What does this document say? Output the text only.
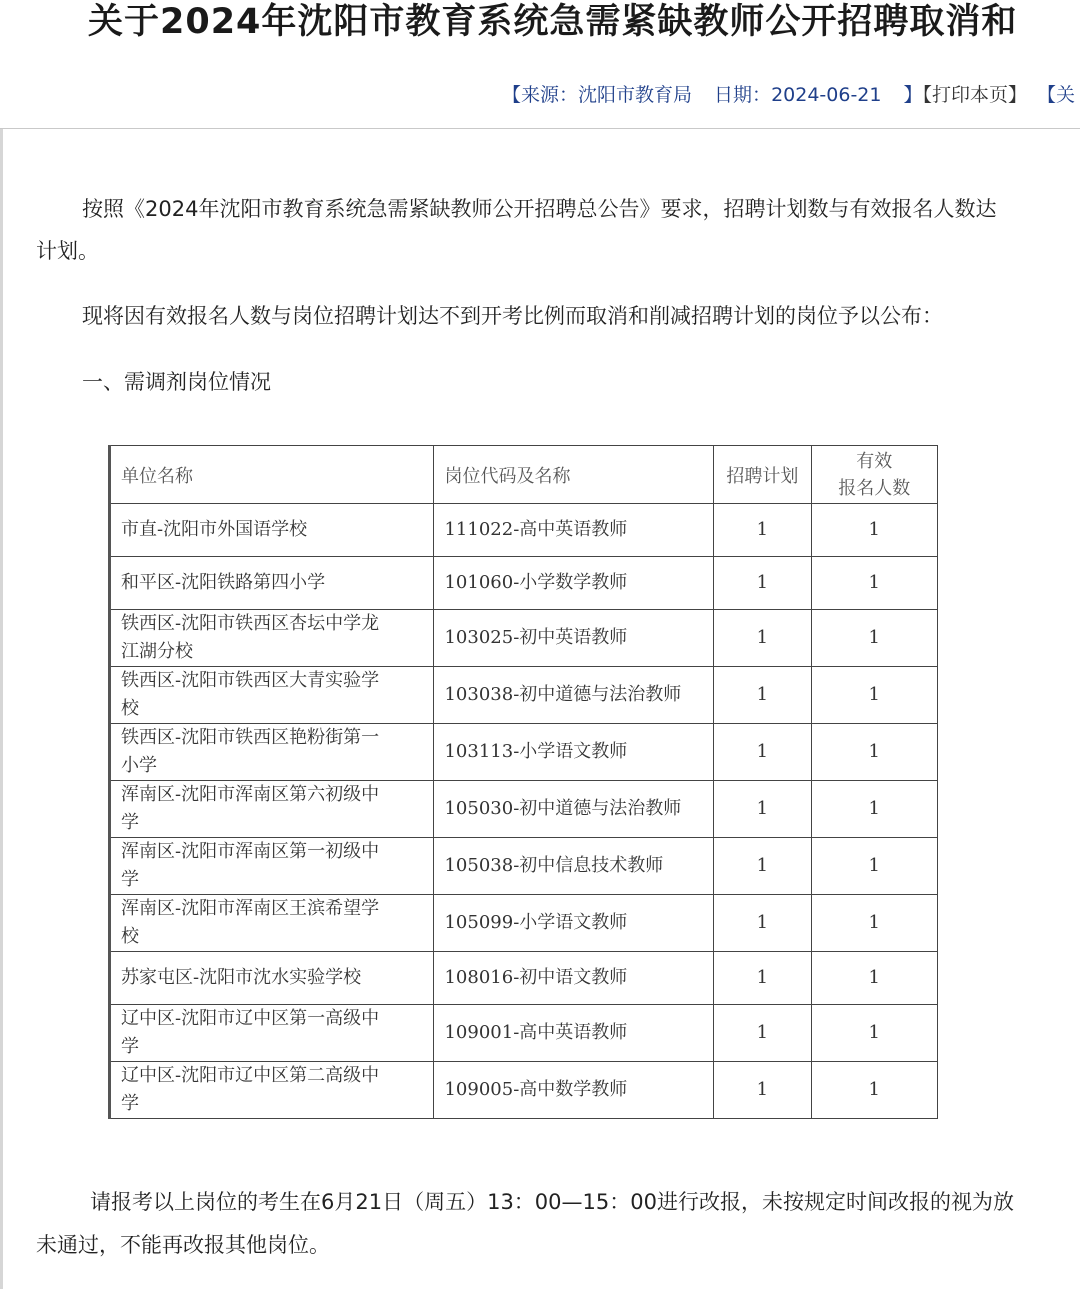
关于2024年沈阳市教育系统急需紧缺教师公开招聘取消和
【来源：沈阳市教育局 日期：2024-06-21 】【打印本页】 【关
按照《2024年沈阳市教育系统急需紧缺教师公开招聘总公告》要求，招聘计划数与有效报名人数达
计划。
现将因有效报名人数与岗位招聘计划达不到开考比例而取消和削减招聘计划的岗位予以公布：
一、需调剂岗位情况
单位名称	岗位代码及名称	招聘计划	有效
报名人数

市直-沈阳市外国语学校	111022-高中英语教师	1	1

和平区-沈阳铁路第四小学	101060-小学数学教师	1	1

铁西区-沈阳市铁西区杏坛中学龙
江湖分校	103025-初中英语教师	1	1

铁西区-沈阳市铁西区大青实验学
校	103038-初中道德与法治教师	1	1

铁西区-沈阳市铁西区艳粉街第一
小学	103113-小学语文教师	1	1

浑南区-沈阳市浑南区第六初级中
学	105030-初中道德与法治教师	1	1

浑南区-沈阳市浑南区第一初级中
学	105038-初中信息技术教师	1	1

浑南区-沈阳市浑南区王滨希望学
校	105099-小学语文教师	1	1

苏家屯区-沈阳市沈水实验学校	108016-初中语文教师	1	1

辽中区-沈阳市辽中区第一高级中
学	109001-高中英语教师	1	1

辽中区-沈阳市辽中区第二高级中
学	109005-高中数学教师	1	1
请报考以上岗位的考生在6月21日（周五）13：00—15：00进行改报，未按规定时间改报的视为放
未通过，不能再改报其他岗位。
